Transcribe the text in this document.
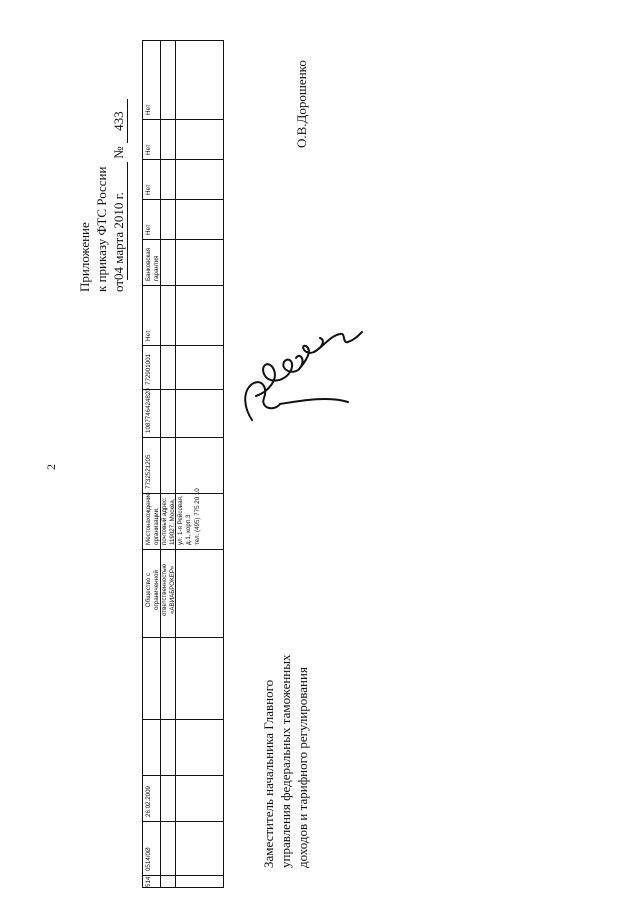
2
Приложение к приказу ФТС России от04 марта 2010 г. № 433
514
0514/0Ø
26.02.2009
Общество с ограниченной ответственностью «АВИАБРОКЕР»
Местонахождение организации, почтовый адрес: 119027, Москва, ул. 1-я Рейсовая, д.1, корп.3 тел. (495) 775 20 10
7732521205
1087746424820
772901001
Нет
Банковская гарантия
Нет
Нет
Нет
Нет
Заместитель начальника Главного управления федеральных таможенных доходов и тарифного регулирования
О.В.Дорошенко
